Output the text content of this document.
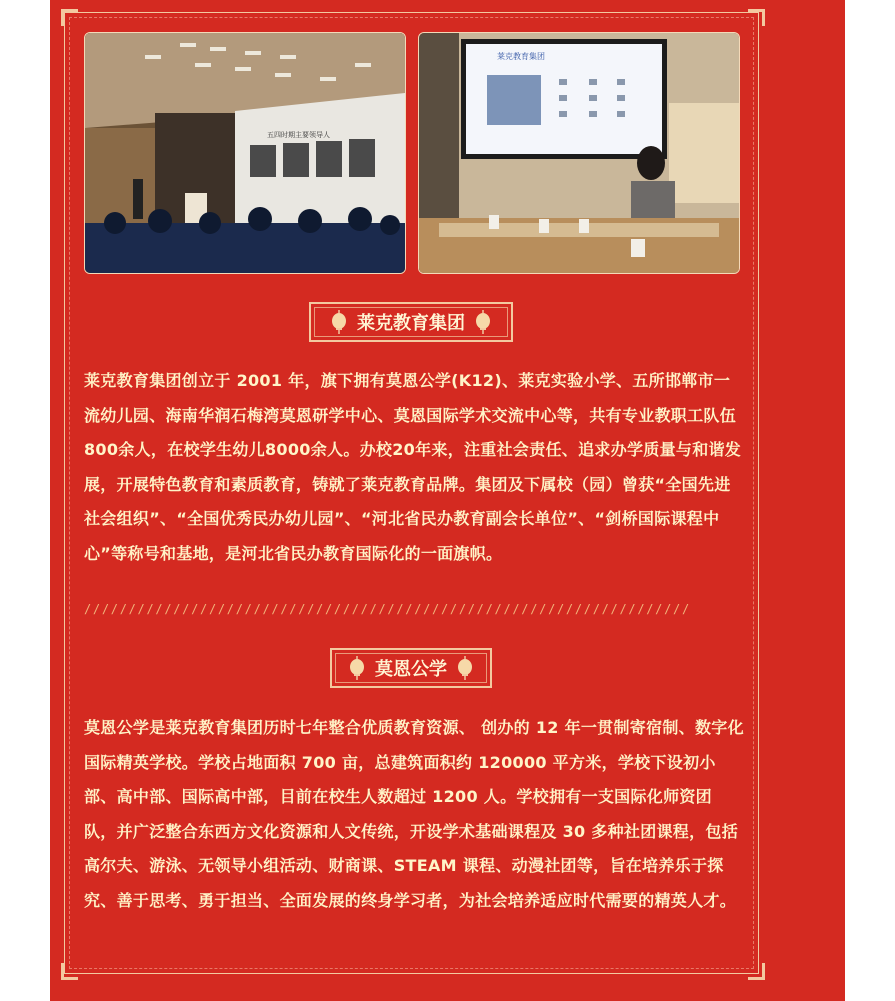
五四时期主要领导人
莱克教育集团
莱克教育集团

莱克教育集团创立于 2001 年，旗下拥有莫恩公学(K12)、莱克实验小学、五所邯郸市一流幼儿园、海南华润石梅湾莫恩研学中心、莫恩国际学术交流中心等，共有专业教职工队伍800余人，在校学生幼儿8000余人。办校20年来，注重社会责任、追求办学质量与和谐发展，开展特色教育和素质教育，铸就了莱克教育品牌。集团及下属校（园）曾获“全国先进社会组织”、“全国优秀民办幼儿园”、“河北省民办教育副会长单位”、“剑桥国际课程中心”等称号和基地，是河北省民办教育国际化的一面旗帜。

////////////////////////////////////////////////////////////////////
莫恩公学

莫恩公学是莱克教育集团历时七年整合优质教育资源、 创办的 12 年一贯制寄宿制、数字化国际精英学校。学校占地面积 700 亩，总建筑面积约 120000 平方米，学校下设初小部、高中部、国际高中部，目前在校生人数超过 1200 人。学校拥有一支国际化师资团队，并广泛整合东西方文化资源和人文传统，开设学术基础课程及 30 多种社团课程，包括高尔夫、游泳、无领导小组活动、财商课、STEAM 课程、动漫社团等，旨在培养乐于探究、善于思考、勇于担当、全面发展的终身学习者，为社会培养适应时代需要的精英人才。
